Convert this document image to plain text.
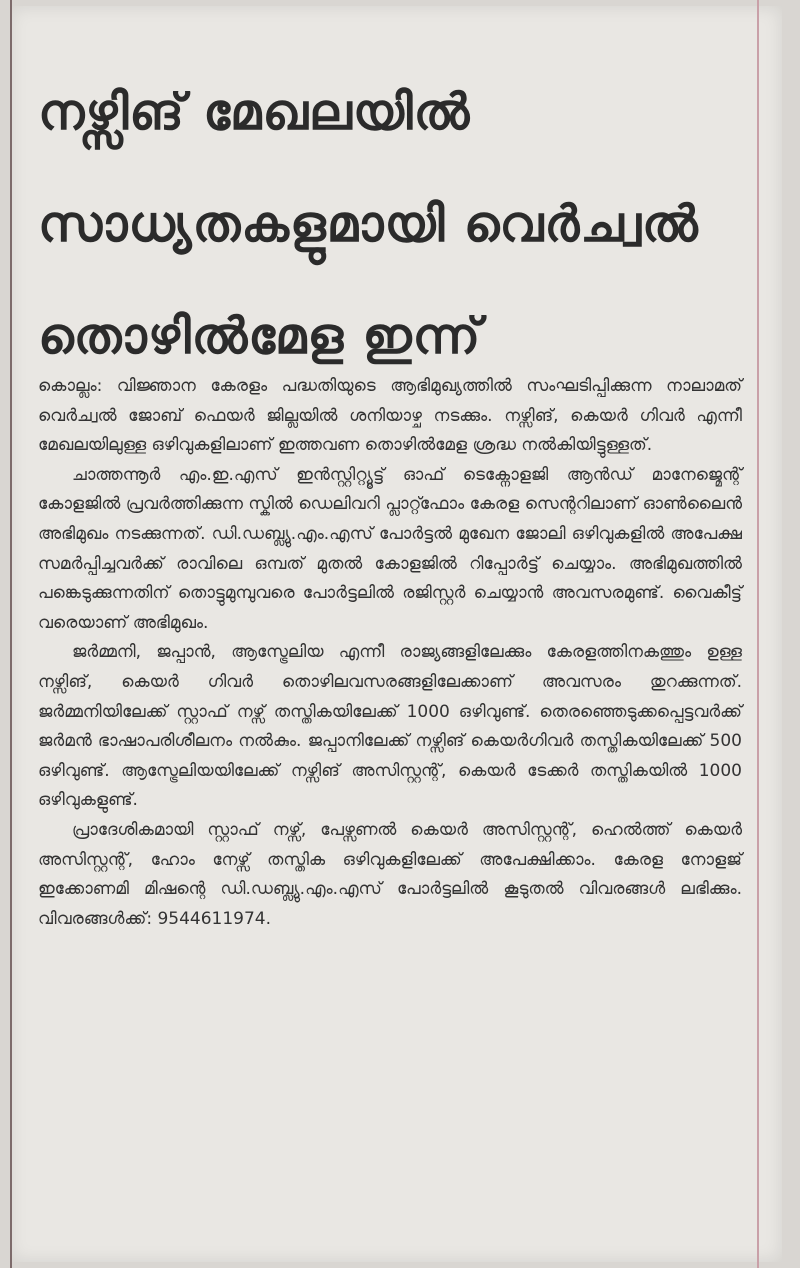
നഴ്സിങ് മേഖലയിൽ
സാധ്യതകളുമായി വെർച്വൽ
തൊഴിൽമേള ഇന്ന്

കൊല്ലം: വിജ്ഞാന കേരളം പദ്ധതിയുടെ ആഭിമുഖ്യത്തിൽ സംഘടിപ്പിക്കുന്ന നാലാമത് വെർച്വൽ ജോബ് ഫെയർ ജില്ലയിൽ ശനിയാഴ്ച നടക്കും. നഴ്സിങ്, കെയർ ഗിവർ എന്നീ മേഖലയിലുള്ള ഒഴിവുകളിലാണ് ഇത്തവണ തൊഴിൽമേള ശ്രദ്ധ നൽകിയിട്ടുള്ളത്.

ചാത്തന്നൂർ എം.ഇ.എസ് ഇൻസ്റ്റിറ്റ്യൂട്ട് ഓഫ് ടെക്നോളജി ആൻഡ് മാനേജ്മെന്റ് കോളജിൽ പ്രവർത്തിക്കുന്ന സ്കിൽ ഡെലിവറി പ്ലാറ്റ്ഫോം കേരള സെന്ററിലാണ് ഓൺലൈൻ അഭിമുഖം നടക്കുന്നത്. ഡി.ഡബ്ല്യു.എം.എസ് പോർട്ടൽ മുഖേന ജോലി ഒഴിവുകളിൽ അപേക്ഷ സമർപ്പിച്ചവർക്ക് രാവിലെ ഒമ്പത് മുതൽ കോളജിൽ റിപ്പോർട്ട് ചെയ്യാം. അഭിമുഖത്തിൽ പങ്കെടുക്കുന്നതിന് തൊട്ടുമുമ്പുവരെ പോർട്ടലിൽ രജിസ്റ്റർ ചെയ്യാൻ അവസരമുണ്ട്. വൈകീട്ട് വരെയാണ് അഭിമുഖം.

ജർമ്മനി, ജപ്പാൻ, ആസ്ട്രേലിയ എന്നീ രാജ്യങ്ങളിലേക്കും കേരളത്തിനകത്തും ഉള്ള നഴ്സിങ്, കെയർ ഗിവർ തൊഴിലവസരങ്ങളിലേക്കാണ് അവസരം തുറക്കുന്നത്. ജർമ്മനിയിലേക്ക് സ്റ്റാഫ് നഴ്സ് തസ്തികയിലേക്ക് 1000 ഒഴിവുണ്ട്. തെരഞ്ഞെടുക്കപ്പെട്ടവർക്ക് ജർമൻ ഭാഷാപരിശീലനം നൽകും. ജപ്പാനിലേക്ക് നഴ്സിങ് കെയർഗിവർ തസ്തികയിലേക്ക് 500 ഒഴിവുണ്ട്. ആസ്ട്രേലിയയിലേക്ക് നഴ്സിങ് അസിസ്റ്റന്റ്, കെയർ ടേക്കർ തസ്തികയിൽ 1000 ഒഴിവുകളുണ്ട്.

പ്രാദേശികമായി സ്റ്റാഫ് നഴ്സ്, പേഴ്സണൽ കെയർ അസിസ്റ്റന്റ്, ഹെൽത്ത് കെയർ അസിസ്റ്റന്റ്, ഹോം നേഴ്സ് തസ്തിക ഒഴിവുകളിലേക്ക് അപേക്ഷിക്കാം. കേരള നോളജ് ഇക്കോണമി മിഷന്റെ ഡി.ഡബ്ല്യു.എം.എസ് പോർട്ടലിൽ കൂടുതൽ വിവരങ്ങൾ ലഭിക്കും. വിവരങ്ങൾക്ക്: 9544611974.
